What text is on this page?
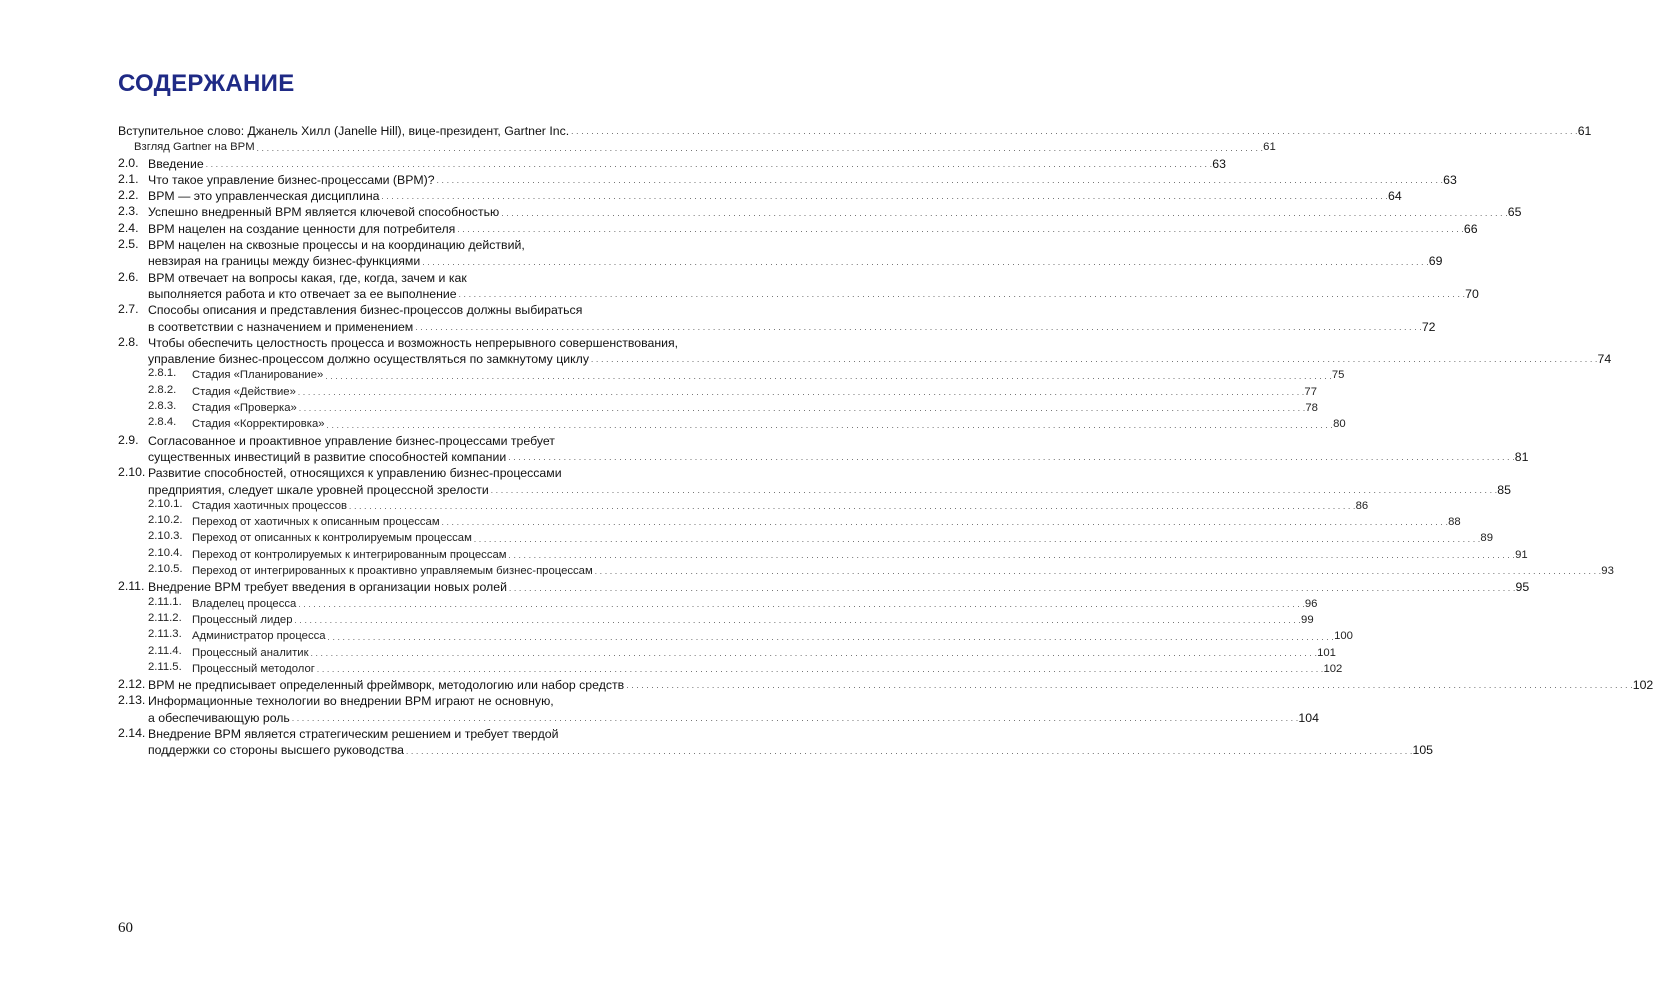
СОДЕРЖАНИЕ
Вступительное слово: Джанель Хилл (Janelle Hill), вице-президент, Gartner Inc. . . . . . . . . . . . . . . . . . . . . . . . . . . . . . . . . . . . . . . . . . . . . . . . . . . . . . . . . . . . . . . . . . . . . . . . . . . . . . . . . . . . . . . . . . . . . . . . . . . . . . . . . . . . . . . . . . . . . . . . . . . . . . . . . . . . . . . . . . . . . . . . . . . . . . . . . . . . . . . . . . . . . . . . . . . . . . . . . . . . . . . . . . . . . . . . . . . . . . . . . 61
Взгляд Gartner на BPM . . . . . . . . . . . . . . . . . . . . . . . . . . . . . . . . . . . . . . . . . . . . . . . . . . . . . . . . . . . . . . . . . . . . . . . . . . . . . . . . . . . . . . . . . . . . . . . . . . . . . . . . . . . . . . . . . . . . . . . . . . . . . . . . . . . . . . . . . . . . . . . . . . . . . . . . . . . . . . . . . . . . . . . . . . . . . . . . . . . . . . . . . . . . . . . . . . . . . . . . 61
2.0. Введение . . . . . . . . . . . . . . . . . . . . . . . . . . . . . . . . . . . . . . . . . . . . . . . . . . . . . . . . . . . . . . . . . . . . . . . . . . . . . . . . . . . . . . . . . . . . . . . . . . . . . . . . . . . . . . . . . . . . . . . . . . . . . . . . . . . . . . . . . . . . . . . . . . . . . . . . . . . . . . . . . . . . . . . . . . . . . . . . . . . . . . . . . . . . . . . . . . . . . . . . 63
2.1. Что такое управление бизнес-процессами (BPM)? . . . . . . . . . . . . . . . . . . . . . . . . . . . . . . . . . . . . . . . . . . . . . . . . . . . . . . . . . . . . . . . . . . . . . . . . . . . . . . . . . . . . . . . . . . . . . . . . . . . . . . . . . . . . . . . . . . . . . . . . . . . . . . . . . . . . . . . . . . . . . . . . . . . . . . . . . . . . . . . . . . . . . . . . . . . . . . . . . . . . . . . . . . . . . . . . . . . . . . . . 63
2.2. BPM — это управленческая дисциплина . . . . . . . . . . . . . . . . . . . . . . . . . . . . . . . . . . . . . . . . . . . . . . . . . . . . . . . . . . . . . . . . . . . . . . . . . . . . . . . . . . . . . . . . . . . . . . . . . . . . . . . . . . . . . . . . . . . . . . . . . . . . . . . . . . . . . . . . . . . . . . . . . . . . . . . . . . . . . . . . . . . . . . . . . . . . . . . . . . . . . . . . . . . . . . . . . . . . . . . . 64
2.3. Успешно внедренный BPM является ключевой способностью . . . . . . . . . . . . . . . . . . . . . . . . . . . . . . . . . . . . . . . . . . . . . . . . . . . . . . . . . . . . . . . . . . . . . . . . . . . . . . . . . . . . . . . . . . . . . . . . . . . . . . . . . . . . . . . . . . . . . . . . . . . . . . . . . . . . . . . . . . . . . . . . . . . . . . . . . . . . . . . . . . . . . . . . . . . . . . . . . . . . . . . . . . . . . . . . . . . . . . . . 65
2.4. BPM нацелен на создание ценности для потребителя . . . . . . . . . . . . . . . . . . . . . . . . . . . . . . . . . . . . . . . . . . . . . . . . . . . . . . . . . . . . . . . . . . . . . . . . . . . . . . . . . . . . . . . . . . . . . . . . . . . . . . . . . . . . . . . . . . . . . . . . . . . . . . . . . . . . . . . . . . . . . . . . . . . . . . . . . . . . . . . . . . . . . . . . . . . . . . . . . . . . . . . . . . . . . . . . . . . . . . . . 66
2.5. BPM нацелен на сквозные процессы и на координацию действий,
невзирая на границы между бизнес-функциями . . . . . . . . . . . . . . . . . . . . . . . . . . . . . . . . . . . . . . . . . . . . . . . . . . . . . . . . . . . . . . . . . . . . . . . . . . . . . . . . . . . . . . . . . . . . . . . . . . . . . . . . . . . . . . . . . . . . . . . . . . . . . . . . . . . . . . . . . . . . . . . . . . . . . . . . . . . . . . . . . . . . . . . . . . . . . . . . . . . . . . . . . . . . . . . . . . . . . . . . 69
2.6. BPM отвечает на вопросы какая, где, когда, зачем и как
выполняется работа и кто отвечает за ее выполнение . . . . . . . . . . . . . . . . . . . . . . . . . . . . . . . . . . . . . . . . . . . . . . . . . . . . . . . . . . . . . . . . . . . . . . . . . . . . . . . . . . . . . . . . . . . . . . . . . . . . . . . . . . . . . . . . . . . . . . . . . . . . . . . . . . . . . . . . . . . . . . . . . . . . . . . . . . . . . . . . . . . . . . . . . . . . . . . . . . . . . . . . . . . . . . . . . . . . . . . . 70
2.7. Способы описания и представления бизнес-процессов должны выбираться
в соответствии с назначением и применением . . . . . . . . . . . . . . . . . . . . . . . . . . . . . . . . . . . . . . . . . . . . . . . . . . . . . . . . . . . . . . . . . . . . . . . . . . . . . . . . . . . . . . . . . . . . . . . . . . . . . . . . . . . . . . . . . . . . . . . . . . . . . . . . . . . . . . . . . . . . . . . . . . . . . . . . . . . . . . . . . . . . . . . . . . . . . . . . . . . . . . . . . . . . . . . . . . . . . . . . 72
2.8. Чтобы обеспечить целостность процесса и возможность непрерывного совершенствования,
управление бизнес-процессом должно осуществляться по замкнутому циклу . . . . . . . . . . . . . . . . . . . . . . . . . . . . . . . . . . . . . . . . . . . . . . . . . . . . . . . . . . . . . . . . . . . . . . . . . . . . . . . . . . . . . . . . . . . . . . . . . . . . . . . . . . . . . . . . . . . . . . . . . . . . . . . . . . . . . . . . . . . . . . . . . . . . . . . . . . . . . . . . . . . . . . . . . . . . . . . . . . . . . . . . . . . . . . . . . . . . . . . . 74
2.8.1.	Стадия «Планирование» . . . . . . . . . . . . . . . . . . . . . . . . . . . . . . . . . . . . . . . . . . . . . . . . . . . . . . . . . . . . . . . . . . . . . . . . . . . . . . . . . . . . . . . . . . . . . . . . . . . . . . . . . . . . . . . . . . . . . . . . . . . . . . . . . . . . . . . . . . . . . . . . . . . . . . . . . . . . . . . . . . . . . . . . . . . . . . . . . . . . . . . . . . . . . . . . . . . . . . . . 75
2.8.2.	Стадия «Действие» . . . . . . . . . . . . . . . . . . . . . . . . . . . . . . . . . . . . . . . . . . . . . . . . . . . . . . . . . . . . . . . . . . . . . . . . . . . . . . . . . . . . . . . . . . . . . . . . . . . . . . . . . . . . . . . . . . . . . . . . . . . . . . . . . . . . . . . . . . . . . . . . . . . . . . . . . . . . . . . . . . . . . . . . . . . . . . . . . . . . . . . . . . . . . . . . . . . . . . . . 77
2.8.3.	Стадия «Проверка» . . . . . . . . . . . . . . . . . . . . . . . . . . . . . . . . . . . . . . . . . . . . . . . . . . . . . . . . . . . . . . . . . . . . . . . . . . . . . . . . . . . . . . . . . . . . . . . . . . . . . . . . . . . . . . . . . . . . . . . . . . . . . . . . . . . . . . . . . . . . . . . . . . . . . . . . . . . . . . . . . . . . . . . . . . . . . . . . . . . . . . . . . . . . . . . . . . . . . . . . 78
2.8.4.	Стадия «Корректировка» . . . . . . . . . . . . . . . . . . . . . . . . . . . . . . . . . . . . . . . . . . . . . . . . . . . . . . . . . . . . . . . . . . . . . . . . . . . . . . . . . . . . . . . . . . . . . . . . . . . . . . . . . . . . . . . . . . . . . . . . . . . . . . . . . . . . . . . . . . . . . . . . . . . . . . . . . . . . . . . . . . . . . . . . . . . . . . . . . . . . . . . . . . . . . . . . . . . . . . . . 80
2.9. Согласованное и проактивное управление бизнес-процессами требует
существенных инвестиций в развитие способностей компании . . . . . . . . . . . . . . . . . . . . . . . . . . . . . . . . . . . . . . . . . . . . . . . . . . . . . . . . . . . . . . . . . . . . . . . . . . . . . . . . . . . . . . . . . . . . . . . . . . . . . . . . . . . . . . . . . . . . . . . . . . . . . . . . . . . . . . . . . . . . . . . . . . . . . . . . . . . . . . . . . . . . . . . . . . . . . . . . . . . . . . . . . . . . . . . . . . . . . . . . 81
2.10. Развитие способностей, относящихся к управлению бизнес-процессами
предприятия, следует шкале уровней процессной зрелости . . . . . . . . . . . . . . . . . . . . . . . . . . . . . . . . . . . . . . . . . . . . . . . . . . . . . . . . . . . . . . . . . . . . . . . . . . . . . . . . . . . . . . . . . . . . . . . . . . . . . . . . . . . . . . . . . . . . . . . . . . . . . . . . . . . . . . . . . . . . . . . . . . . . . . . . . . . . . . . . . . . . . . . . . . . . . . . . . . . . . . . . . . . . . . . . . . . . . . . . 85
2.10.1. Стадия хаотичных процессов . . . . . . . . . . . . . . . . . . . . . . . . . . . . . . . . . . . . . . . . . . . . . . . . . . . . . . . . . . . . . . . . . . . . . . . . . . . . . . . . . . . . . . . . . . . . . . . . . . . . . . . . . . . . . . . . . . . . . . . . . . . . . . . . . . . . . . . . . . . . . . . . . . . . . . . . . . . . . . . . . . . . . . . . . . . . . . . . . . . . . . . . . . . . . . . . . . . . . . . . 86
2.10.2. Переход от хаотичных к описанным процессам . . . . . . . . . . . . . . . . . . . . . . . . . . . . . . . . . . . . . . . . . . . . . . . . . . . . . . . . . . . . . . . . . . . . . . . . . . . . . . . . . . . . . . . . . . . . . . . . . . . . . . . . . . . . . . . . . . . . . . . . . . . . . . . . . . . . . . . . . . . . . . . . . . . . . . . . . . . . . . . . . . . . . . . . . . . . . . . . . . . . . . . . . . . . . . . . . . . . . . . . 88
2.10.3. Переход от описанных к контролируемым процессам . . . . . . . . . . . . . . . . . . . . . . . . . . . . . . . . . . . . . . . . . . . . . . . . . . . . . . . . . . . . . . . . . . . . . . . . . . . . . . . . . . . . . . . . . . . . . . . . . . . . . . . . . . . . . . . . . . . . . . . . . . . . . . . . . . . . . . . . . . . . . . . . . . . . . . . . . . . . . . . . . . . . . . . . . . . . . . . . . . . . . . . . . . . . . . . . . . . . . . . . 89
2.10.4. Переход от контролируемых к интегрированным процессам . . . . . . . . . . . . . . . . . . . . . . . . . . . . . . . . . . . . . . . . . . . . . . . . . . . . . . . . . . . . . . . . . . . . . . . . . . . . . . . . . . . . . . . . . . . . . . . . . . . . . . . . . . . . . . . . . . . . . . . . . . . . . . . . . . . . . . . . . . . . . . . . . . . . . . . . . . . . . . . . . . . . . . . . . . . . . . . . . . . . . . . . . . . . . . . . . . . . . . . . 91
2.10.5. Переход от интегрированных к проактивно управляемым бизнес-процессам . . . . . . . . . . . . . . . . . . . . . . . . . . . . . . . . . . . . . . . . . . . . . . . . . . . . . . . . . . . . . . . . . . . . . . . . . . . . . . . . . . . . . . . . . . . . . . . . . . . . . . . . . . . . . . . . . . . . . . . . . . . . . . . . . . . . . . . . . . . . . . . . . . . . . . . . . . . . . . . . . . . . . . . . . . . . . . . . . . . . . . . . . . . . . . . . . . . . . . . . 93
2.11. Внедрение BPM требует введения в организации новых ролей . . . . . . . . . . . . . . . . . . . . . . . . . . . . . . . . . . . . . . . . . . . . . . . . . . . . . . . . . . . . . . . . . . . . . . . . . . . . . . . . . . . . . . . . . . . . . . . . . . . . . . . . . . . . . . . . . . . . . . . . . . . . . . . . . . . . . . . . . . . . . . . . . . . . . . . . . . . . . . . . . . . . . . . . . . . . . . . . . . . . . . . . . . . . . . . . . . . . . . . . 95
2.11.1. Владелец процесса . . . . . . . . . . . . . . . . . . . . . . . . . . . . . . . . . . . . . . . . . . . . . . . . . . . . . . . . . . . . . . . . . . . . . . . . . . . . . . . . . . . . . . . . . . . . . . . . . . . . . . . . . . . . . . . . . . . . . . . . . . . . . . . . . . . . . . . . . . . . . . . . . . . . . . . . . . . . . . . . . . . . . . . . . . . . . . . . . . . . . . . . . . . . . . . . . . . . . . . . 96
2.11.2. Процессный лидер . . . . . . . . . . . . . . . . . . . . . . . . . . . . . . . . . . . . . . . . . . . . . . . . . . . . . . . . . . . . . . . . . . . . . . . . . . . . . . . . . . . . . . . . . . . . . . . . . . . . . . . . . . . . . . . . . . . . . . . . . . . . . . . . . . . . . . . . . . . . . . . . . . . . . . . . . . . . . . . . . . . . . . . . . . . . . . . . . . . . . . . . . . . . . . . . . . . . . . . . 99
2.11.3. Администратор процесса . . . . . . . . . . . . . . . . . . . . . . . . . . . . . . . . . . . . . . . . . . . . . . . . . . . . . . . . . . . . . . . . . . . . . . . . . . . . . . . . . . . . . . . . . . . . . . . . . . . . . . . . . . . . . . . . . . . . . . . . . . . . . . . . . . . . . . . . . . . . . . . . . . . . . . . . . . . . . . . . . . . . . . . . . . . . . . . . . . . . . . . . . . . . . . . . . . . . . . . . 100
2.11.4. Процессный аналитик . . . . . . . . . . . . . . . . . . . . . . . . . . . . . . . . . . . . . . . . . . . . . . . . . . . . . . . . . . . . . . . . . . . . . . . . . . . . . . . . . . . . . . . . . . . . . . . . . . . . . . . . . . . . . . . . . . . . . . . . . . . . . . . . . . . . . . . . . . . . . . . . . . . . . . . . . . . . . . . . . . . . . . . . . . . . . . . . . . . . . . . . . . . . . . . . . . . . . . . . 101
2.11.5. Процессный методолог . . . . . . . . . . . . . . . . . . . . . . . . . . . . . . . . . . . . . . . . . . . . . . . . . . . . . . . . . . . . . . . . . . . . . . . . . . . . . . . . . . . . . . . . . . . . . . . . . . . . . . . . . . . . . . . . . . . . . . . . . . . . . . . . . . . . . . . . . . . . . . . . . . . . . . . . . . . . . . . . . . . . . . . . . . . . . . . . . . . . . . . . . . . . . . . . . . . . . . . . 102
2.12. BPM не предписывает определенный фреймворк, методологию или набор средств . . . . . . . . . . . . . . . . . . . . . . . . . . . . . . . . . . . . . . . . . . . . . . . . . . . . . . . . . . . . . . . . . . . . . . . . . . . . . . . . . . . . . . . . . . . . . . . . . . . . . . . . . . . . . . . . . . . . . . . . . . . . . . . . . . . . . . . . . . . . . . . . . . . . . . . . . . . . . . . . . . . . . . . . . . . . . . . . . . . . . . . . . . . . . . . . . . . . . . . . 102
2.13. Информационные технологии во внедрении BPM играют не основную,
а обеспечивающую роль . . . . . . . . . . . . . . . . . . . . . . . . . . . . . . . . . . . . . . . . . . . . . . . . . . . . . . . . . . . . . . . . . . . . . . . . . . . . . . . . . . . . . . . . . . . . . . . . . . . . . . . . . . . . . . . . . . . . . . . . . . . . . . . . . . . . . . . . . . . . . . . . . . . . . . . . . . . . . . . . . . . . . . . . . . . . . . . . . . . . . . . . . . . . . . . . . . . . . . . . 104
2.14. Внедрение BPM является стратегическим решением и требует твердой
поддержки со стороны высшего руководства . . . . . . . . . . . . . . . . . . . . . . . . . . . . . . . . . . . . . . . . . . . . . . . . . . . . . . . . . . . . . . . . . . . . . . . . . . . . . . . . . . . . . . . . . . . . . . . . . . . . . . . . . . . . . . . . . . . . . . . . . . . . . . . . . . . . . . . . . . . . . . . . . . . . . . . . . . . . . . . . . . . . . . . . . . . . . . . . . . . . . . . . . . . . . . . . . . . . . . . . 105
60
